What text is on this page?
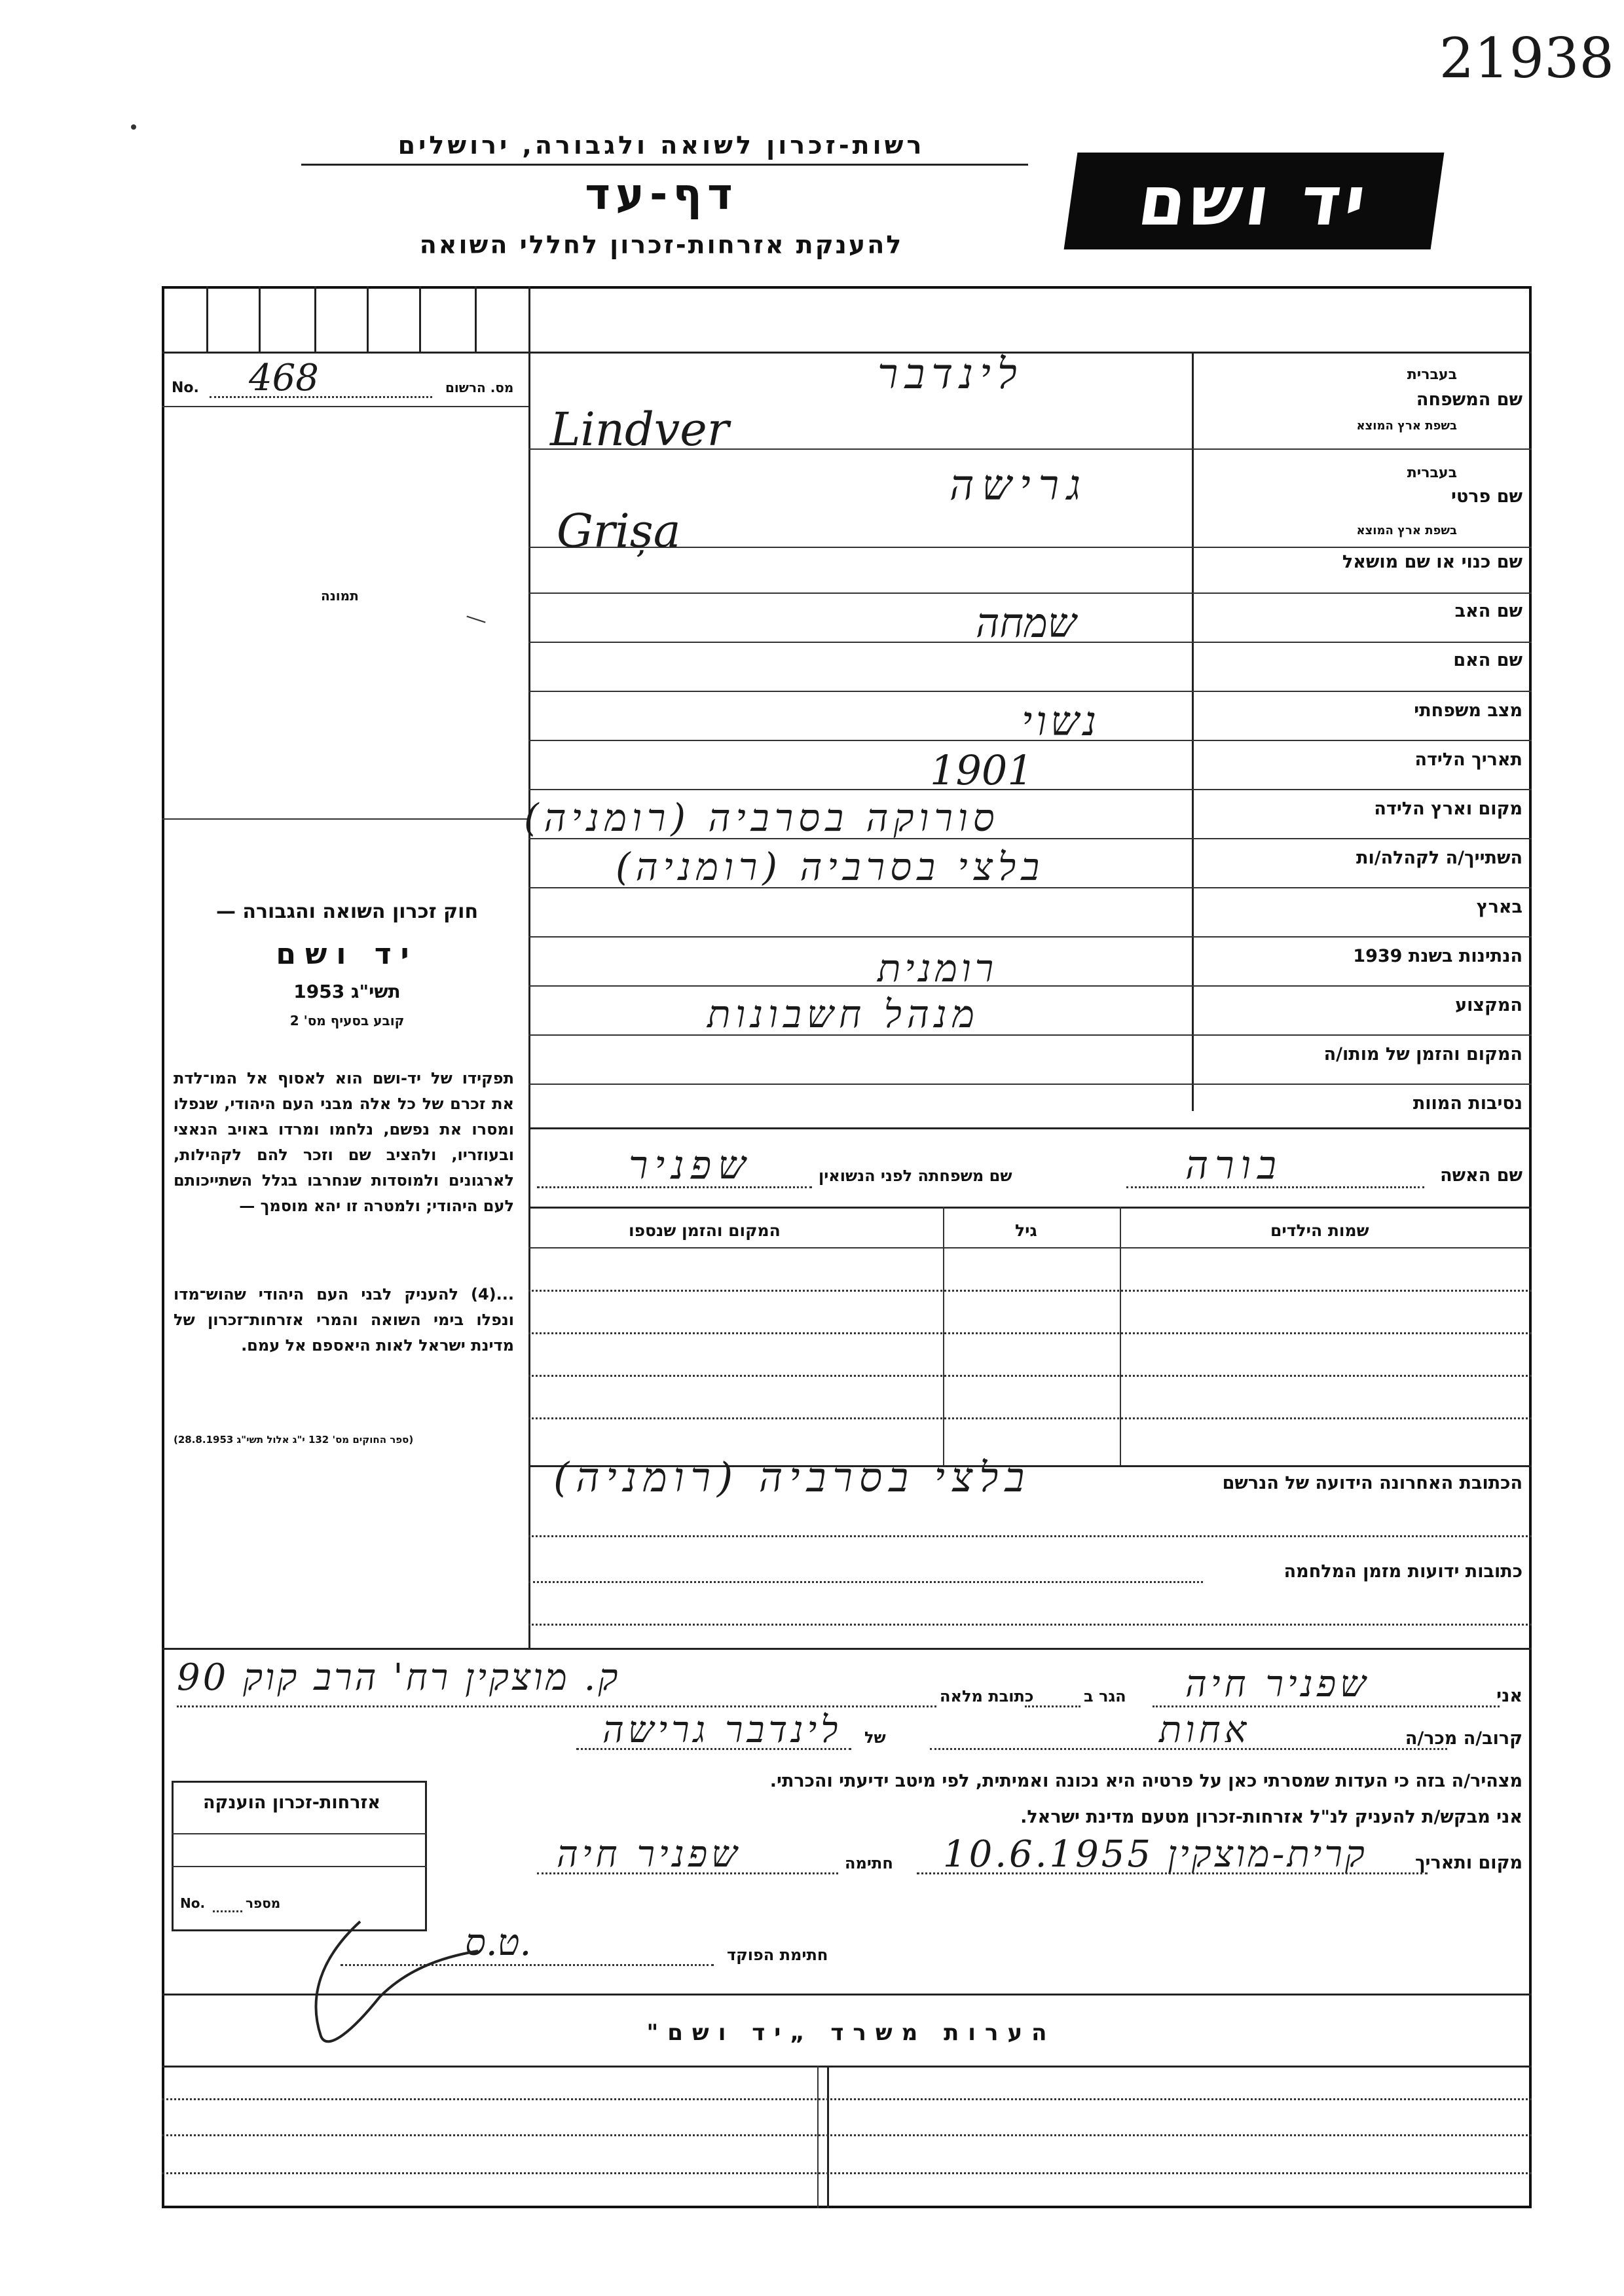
21938
רשות-זכרון לשואה ולגבורה, ירושלים
דף-עד
להענקת אזרחות-זכרון לחללי השואה
יד ושם
מס. הרשום
No. 468
תמונה
שם המשפחה
בעברית
בשפת ארץ המוצא
שם פרטי
בעברית
בשפת ארץ המוצא
שם כנוי או שם מושאל
שם האב
שם האם
מצב משפחתי
תאריך הלידה
מקום וארץ הלידה
השתייך/ה לקהלה/ות
בארץ
הנתינות בשנת 1939
המקצוע
המקום והזמן של מותו/ה
נסיבות המוות
לינדבר
Lindver
גרישה
Grișa
שמחה
נשוי
1901
סורוקה בסרביה (רומניה)
בלצי בסרביה (רומניה)
רומנית
מנהל חשבונות
שם האשה
בורה
שם משפחתה לפני הנשואין
שפניר
שמות הילדים
גיל
המקום והזמן שנספו
הכתובת האחרונה הידועה של הנרשם
בלצי בסרביה (רומניה)
כתובות ידועות מזמן המלחמה
חוק זכרון השואה והגבורה —
יד ושם
תשי"ג 1953
קובע בסעיף מס' 2
תפקידו של יד-ושם הוא לאסוף אל המו־לדת את זכרם של כל אלה מבני העם היהודי, שנפלו ומסרו את נפשם, נלחמו ומרדו באויב הנאצי ובעוזריו, ולהציב שם וזכר להם לקהילות, לארגונים ולמוסדות שנחרבו בגלל השתייכותם לעם היהודי; ולמטרה זו יהא מוסמך —
...(4) להעניק לבני העם היהודי שהוש־מדו ונפלו בימי השואה והמרי אזרחות־זכרון של מדינת ישראל לאות היאספם אל עמם.
(ספר החוקים מס' 132 י"ג אלול תשי"ג 28.8.1953)
אני
שפניר חיה
הגר ב
כתובת מלאה
ק. מוצקין רח' הרב קוק 90
קרוב/ה מכר/ה
אחות
של
לינדבר גרישה
מצהיר/ה בזה כי העדות שמסרתי כאן על פרטיה היא נכונה ואמיתית, לפי מיטב ידיעתי והכרתי.
אני מבקש/ת להעניק לנ"ל אזרחות-זכרון מטעם מדינת ישראל.
מקום ותאריך
קרית-מוצקין 10.6.1955
חתימה
שפניר חיה
חתימת הפוקד
ט.ס.
אזרחות-זכרון הוענקה
No.	מספר
הערות משרד „יד ושם"
